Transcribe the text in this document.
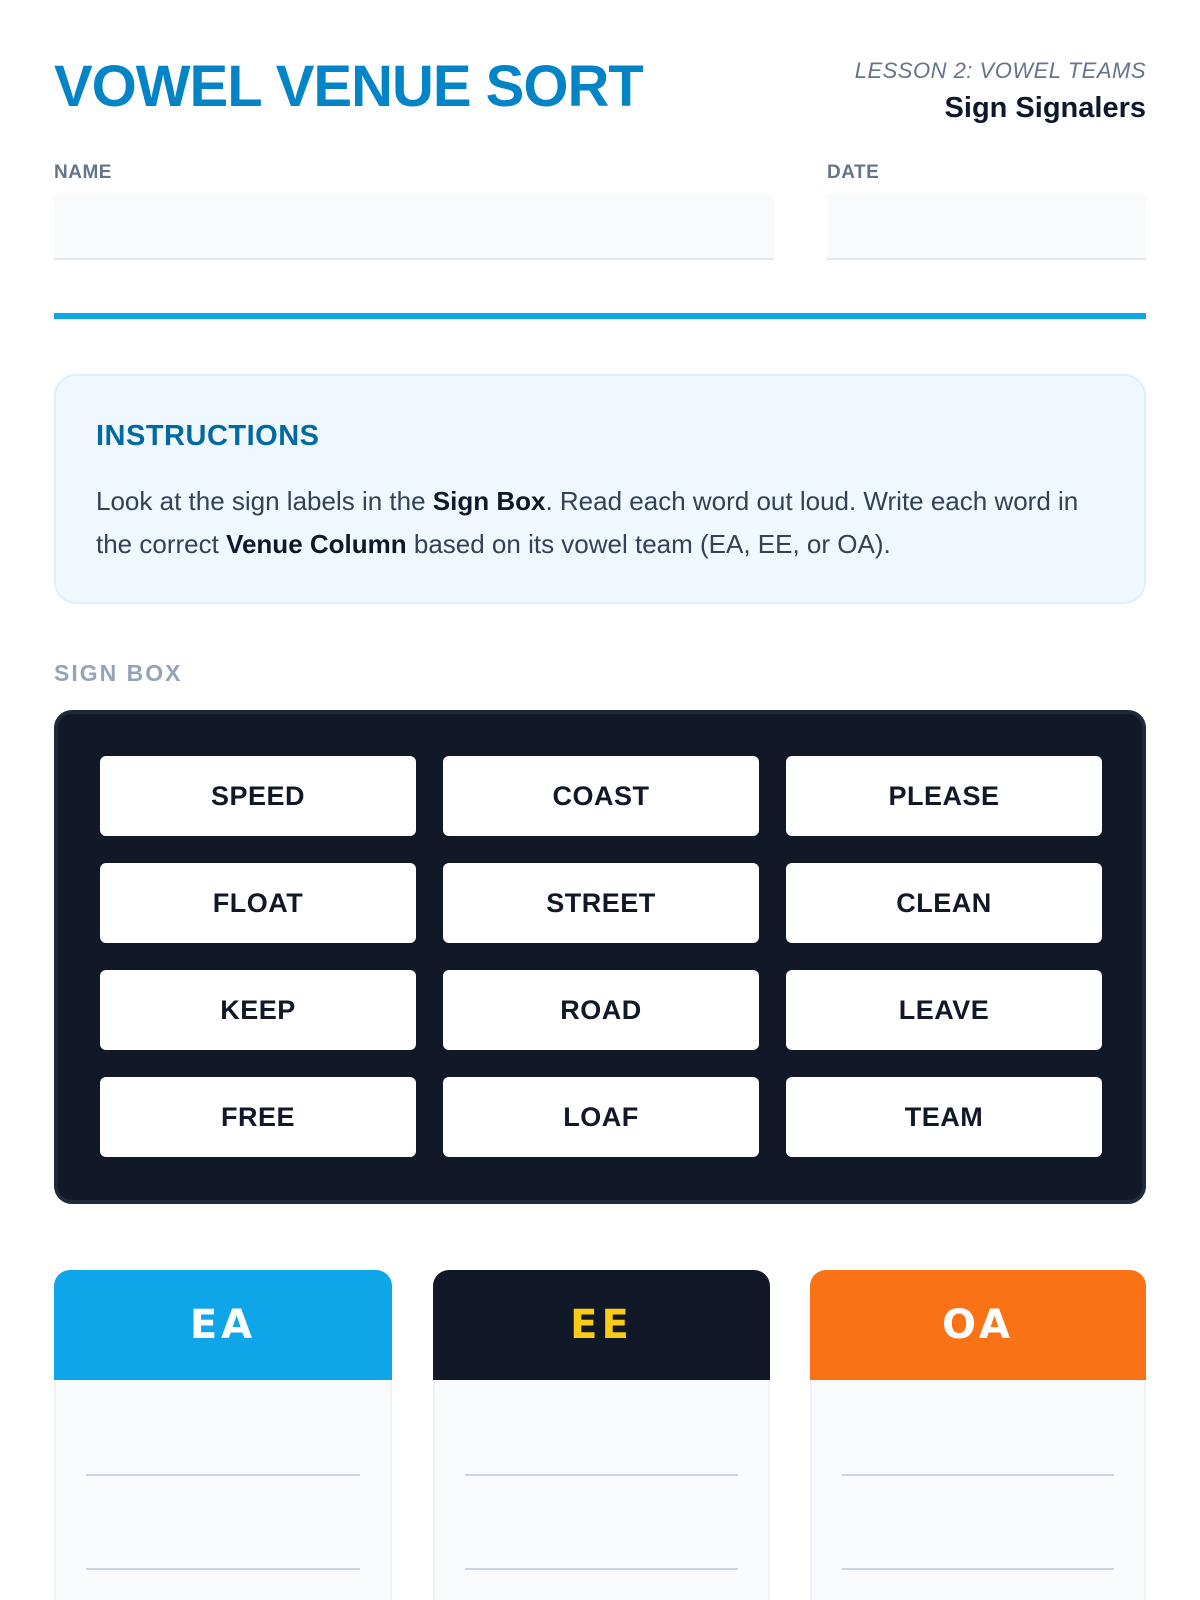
VOWEL VENUE SORT	LESSON 2: VOWEL TEAMS
Sign Signalers
NAME	DATE
INSTRUCTIONS
Look at the sign labels in the Sign Box. Read each word out loud. Write each word in the correct Venue Column based on its vowel team (EA, EE, or OA).
SIGN BOX
SPEED	COAST	PLEASE
FLOAT	STREET	CLEAN
KEEP	ROAD	LEAVE
FREE	LOAF	TEAM
EA	EE	OA
